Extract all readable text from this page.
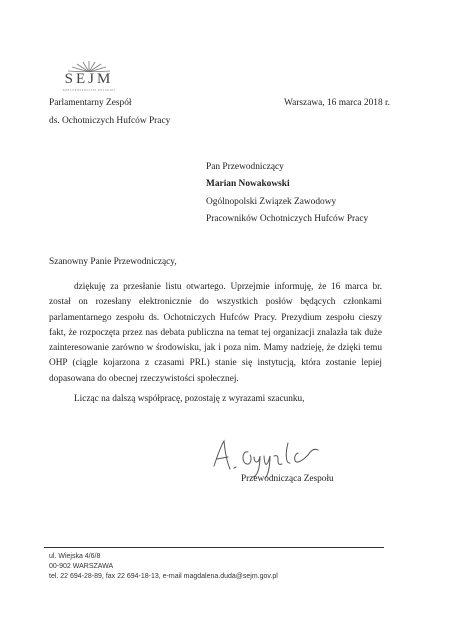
SEJM
RZECZPOSPOLITEJ POLSKIEJ
Parlamentarny Zespół
ds. Ochotniczych Hufców Pracy
Warszawa, 16 marca 2018 r.
Pan Przewodniczący
Marian Nowakowski
Ogólnopolski Związek Zawodowy
Pracowników Ochotniczych Hufców Pracy
Szanowny Panie Przewodniczący,

dziękuję za przesłanie listu otwartego. Uprzejmie informuję, że 16 marca br. został on rozesłany elektronicznie do wszystkich posłów będących członkami parlamentarnego zespołu ds. Ochotniczych Hufców Pracy. Prezydium zespołu cieszy fakt, że rozpoczęta przez nas debata publiczna na temat tej organizacji znalazła tak duże zainteresowanie zarówno w środowisku, jak i poza nim. Mamy nadzieję, że dzięki temu OHP (ciągle kojarzona z czasami PRL) stanie się instytucją, która zostanie lepiej dopasowana do obecnej rzeczywistości społecznej.

Licząc na dalszą współpracę, pozostaję z wyrazami szacunku,
Przewodnicząca Zespołu
ul. Wiejska 4/6/8
00-902 WARSZAWA
tel. 22 694-28-89, fax 22 694-18-13, e-mail magdalena.duda@sejm.gov.pl
